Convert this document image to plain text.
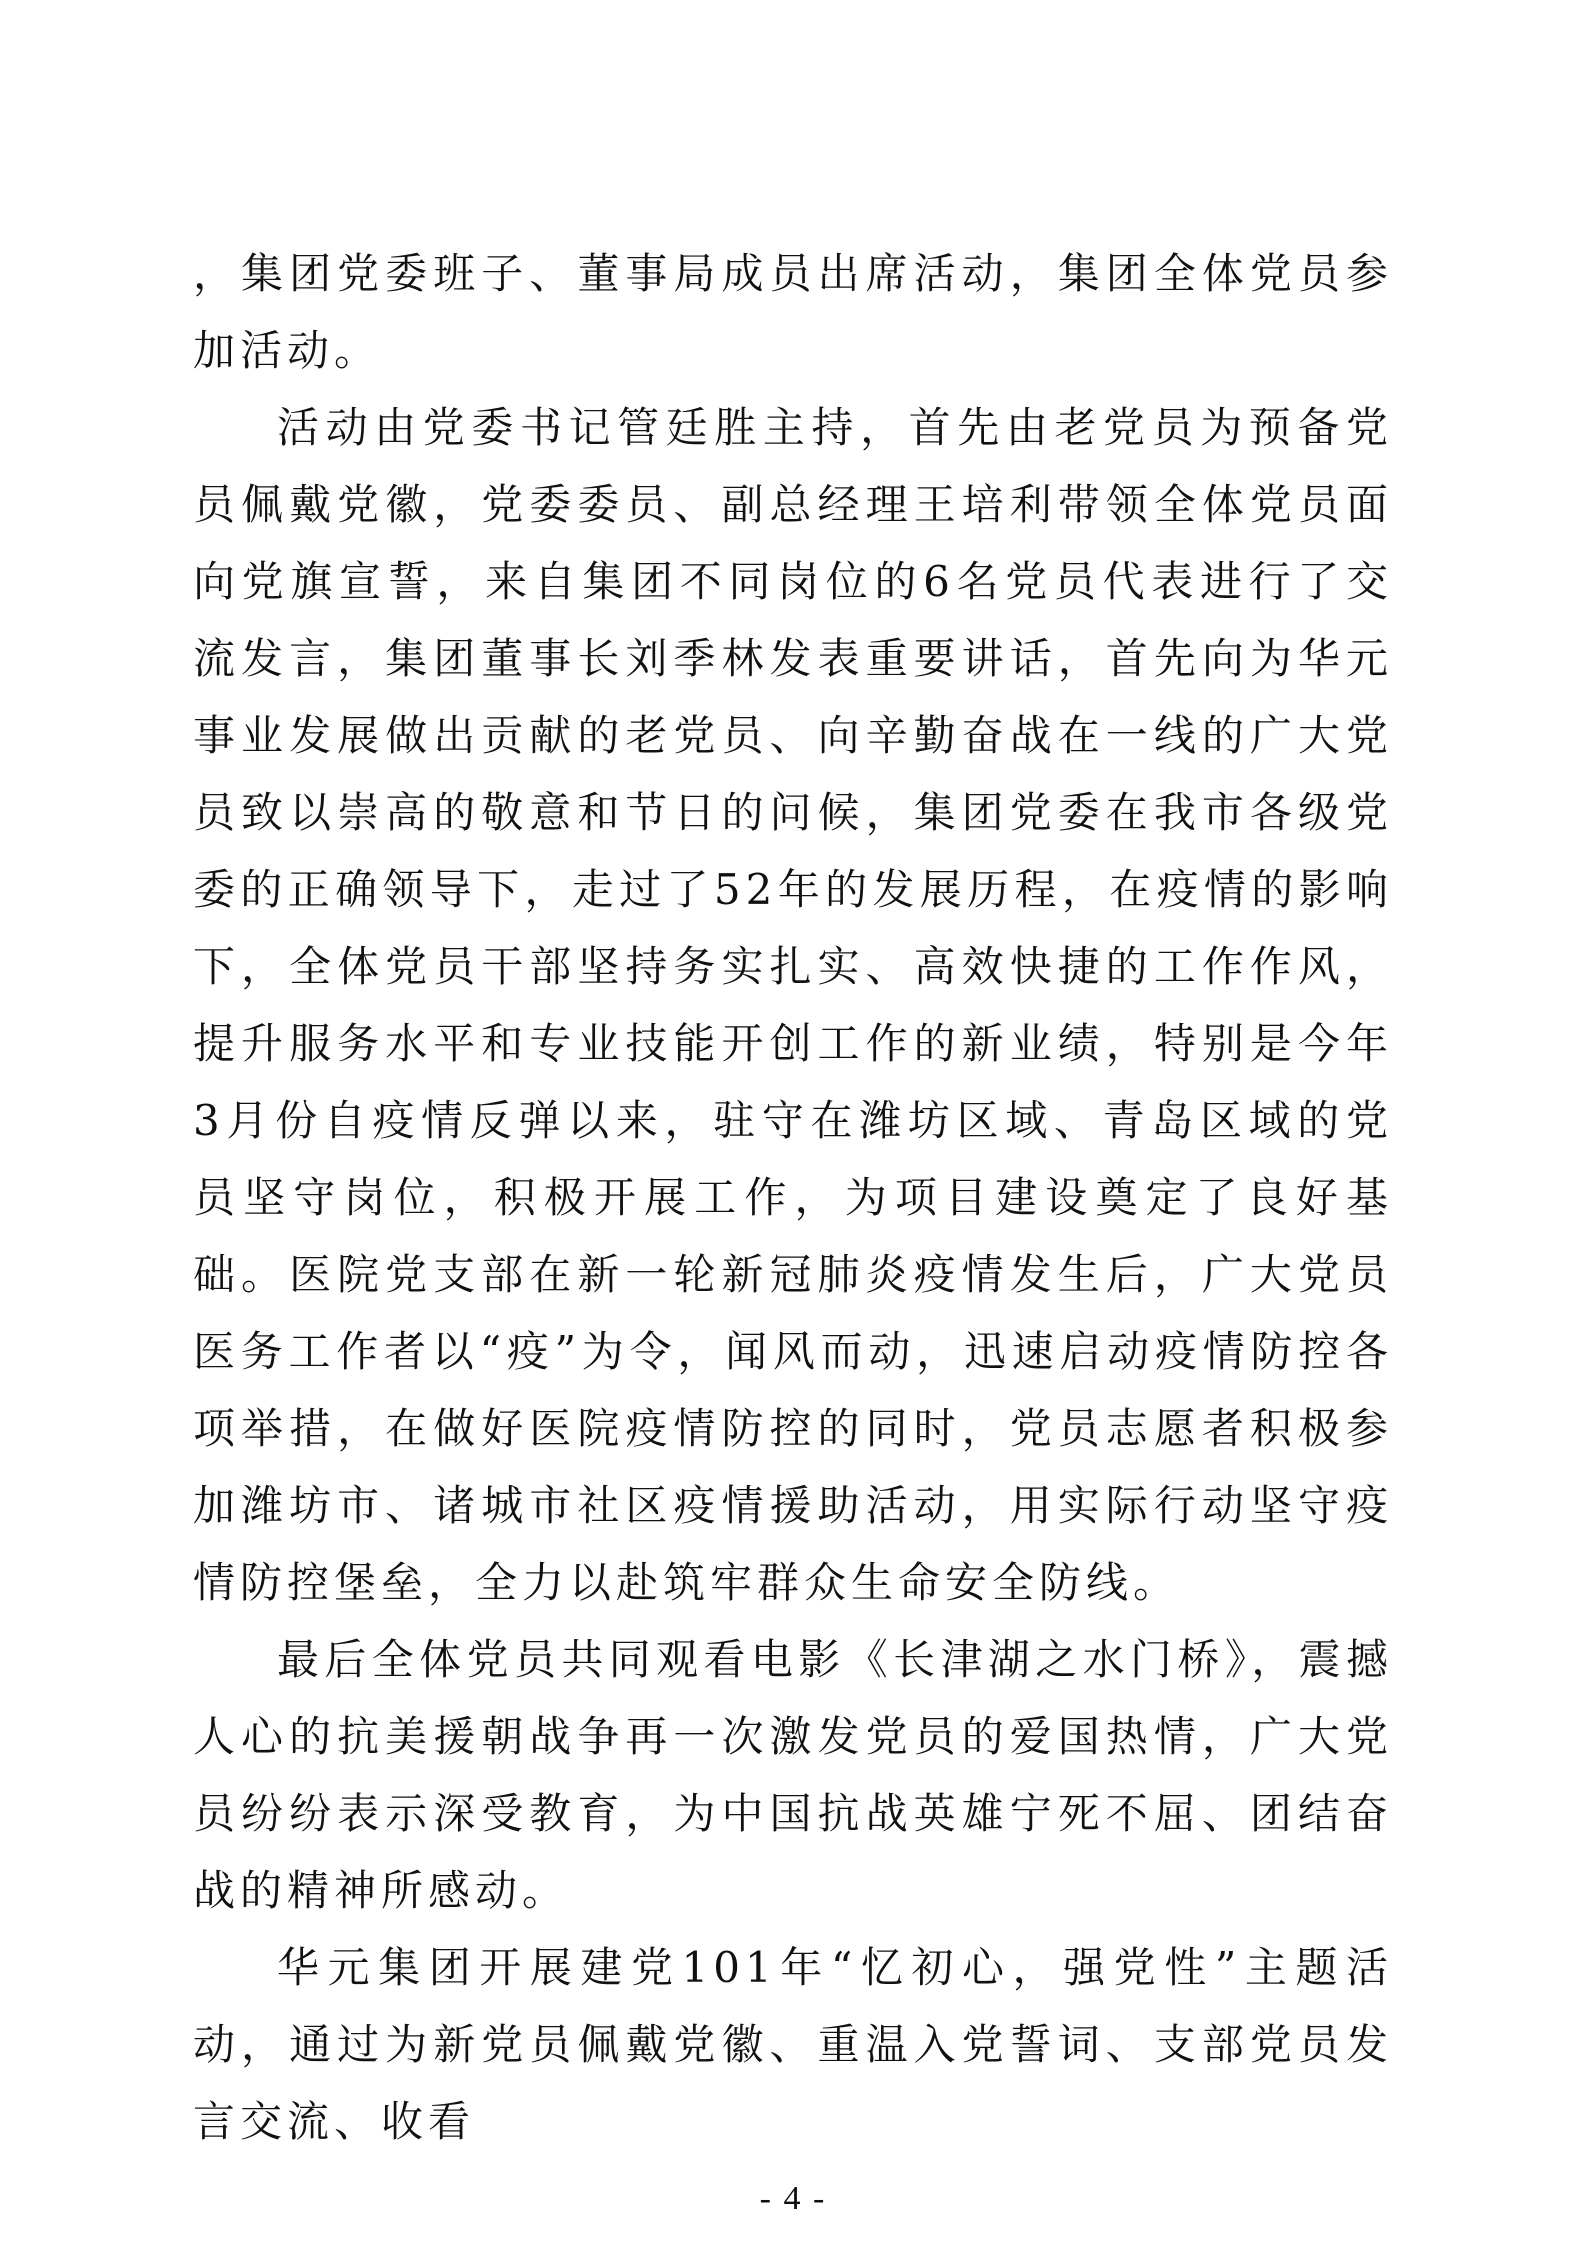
，集团党委班子、董事局成员出席活动，集团全体党员参加活动。

活动由党委书记管廷胜主持，首先由老党员为预备党员佩戴党徽，党委委员、副总经理王培利带领全体党员面向党旗宣誓，来自集团不同岗位的6名党员代表进行了交流发言，集团董事长刘季林发表重要讲话，首先向为华元事业发展做出贡献的老党员、向辛勤奋战在一线的广大党员致以崇高的敬意和节日的问候，集团党委在我市各级党委的正确领导下，走过了52年的发展历程，在疫情的影响下，全体党员干部坚持务实扎实、高效快捷的工作作风，提升服务水平和专业技能开创工作的新业绩，特别是今年3月份自疫情反弹以来，驻守在潍坊区域、青岛区域的党员坚守岗位，积极开展工作，为项目建设奠定了良好基础。医院党支部在新一轮新冠肺炎疫情发生后，广大党员医务工作者以“疫”为令，闻风而动，迅速启动疫情防控各项举措，在做好医院疫情防控的同时，党员志愿者积极参加潍坊市、诸城市社区疫情援助活动，用实际行动坚守疫情防控堡垒，全力以赴筑牢群众生命安全防线。

最后全体党员共同观看电影《长津湖之水门桥》，震撼人心的抗美援朝战争再一次激发党员的爱国热情，广大党员纷纷表示深受教育，为中国抗战英雄宁死不屈、团结奋战的精神所感动。

华元集团开展建党101年“忆初心，强党性”主题活动，通过为新党员佩戴党徽、重温入党誓词、支部党员发言交流、收看

- 4 -
